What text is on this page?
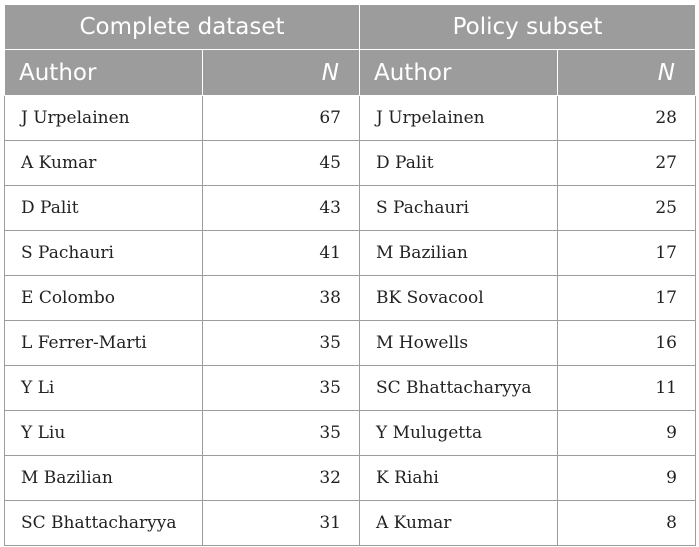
Complete dataset		Policy subset	
Author	N	Author	N
J Urpelainen	67	J Urpelainen	28
A Kumar	45	D Palit	27
D Palit	43	S Pachauri	25
S Pachauri	41	M Bazilian	17
E Colombo	38	BK Sovacool	17
L Ferrer-Marti	35	M Howells	16
Y Li	35	SC Bhattacharyya	11
Y Liu	35	Y Mulugetta	9
M Bazilian	32	K Riahi	9
SC Bhattacharyya	31	A Kumar	8
